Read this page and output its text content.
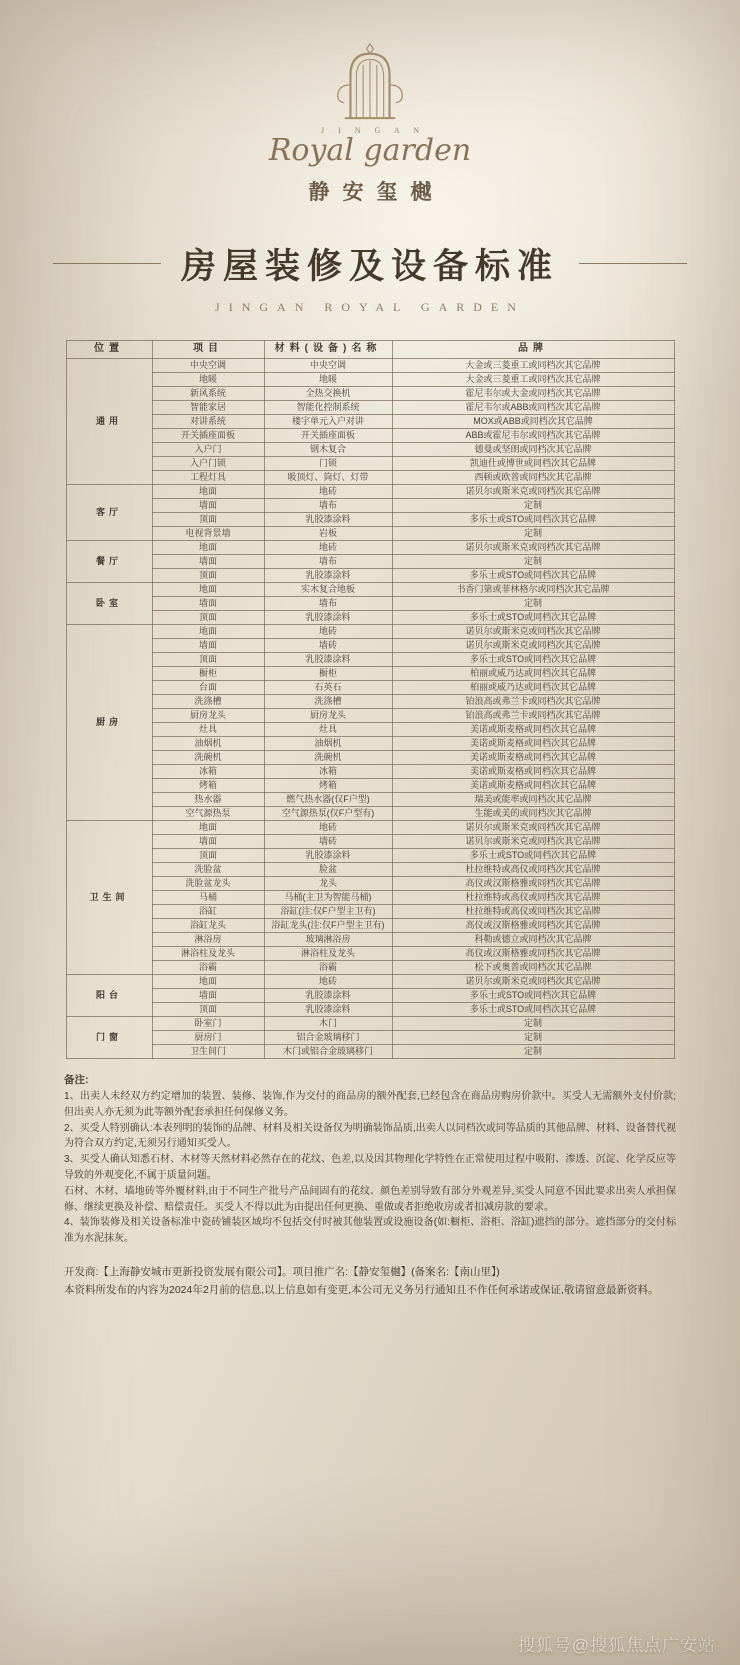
J I N G A N
Royal garden
静安玺樾
房屋装修及设备标准
JINGAN ROYAL GARDEN
位置	项目	材料(设备)名称	品牌
通用	中央空调	中央空调	大金或三菱重工或同档次其它品牌
	地暖	地暖	大金或三菱重工或同档次其它品牌
	新风系统	全热交换机	霍尼韦尔或大金或同档次其它品牌
	智能家居	智能化控制系统	霍尼韦尔或ABB或同档次其它品牌
	对讲系统	楼宇单元入户对讲	MOX或ABB或同档次其它品牌
	开关插座面板	开关插座面板	ABB或霍尼韦尔或同档次其它品牌
	入户门	钢木复合	德曼或坚朗或同档次其它品牌
	入户门锁	门锁	凯迪仕或博世或同档次其它品牌
	工程灯具	吸顶灯、筒灯、灯带	西顿或欧普或同档次其它品牌
客厅	地面	地砖	诺贝尔或斯米克或同档次其它品牌
	墙面	墙布	定制
	顶面	乳胶漆涂料	多乐士或STO或同档次其它品牌
	电视背景墙	岩板	定制
餐厅	地面	地砖	诺贝尔或斯米克或同档次其它品牌
	墙面	墙布	定制
	顶面	乳胶漆涂料	多乐士或STO或同档次其它品牌
卧室	地面	实木复合地板	书香门第或菲林格尔或同档次其它品牌
	墙面	墙布	定制
	顶面	乳胶漆涂料	多乐士或STO或同档次其它品牌
厨房	地面	地砖	诺贝尔或斯米克或同档次其它品牌
	墙面	墙砖	诺贝尔或斯米克或同档次其它品牌
	顶面	乳胶漆涂料	多乐士或STO或同档次其它品牌
	橱柜	橱柜	柏丽或威乃达或同档次其它品牌
	台面	石英石	柏丽或威乃达或同档次其它品牌
	洗涤槽	洗涤槽	铂浪高或弗兰卡或同档次其它品牌
	厨房龙头	厨房龙头	铂浪高或弗兰卡或同档次其它品牌
	灶具	灶具	美诺或斯麦格或同档次其它品牌
	油烟机	油烟机	美诺或斯麦格或同档次其它品牌
	洗碗机	洗碗机	美诺或斯麦格或同档次其它品牌
	冰箱	冰箱	美诺或斯麦格或同档次其它品牌
	烤箱	烤箱	美诺或斯麦格或同档次其它品牌
	热水器	燃气热水器(仅F户型)	瑞美或能率或同档次其它品牌
	空气源热泵	空气源热泵(仅F户型有)	生能或美的或同档次其它品牌
卫生间	地面	地砖	诺贝尔或斯米克或同档次其它品牌
	墙面	墙砖	诺贝尔或斯米克或同档次其它品牌
	顶面	乳胶漆涂料	多乐士或STO或同档次其它品牌
	洗脸盆	脸盆	杜拉维特或高仪或同档次其它品牌
	洗脸盆龙头	龙头	高仪或汉斯格雅或同档次其它品牌
	马桶	马桶(主卫为智能马桶)	杜拉维特或高仪或同档次其它品牌
	浴缸	浴缸(注:仅F户型主卫有)	杜拉维特或高仪或同档次其它品牌
	浴缸龙头	浴缸龙头(注:仅F户型主卫有)	高仪或汉斯格雅或同档次其它品牌
	淋浴房	玻璃淋浴房	科勒或德立或同档次其它品牌
	淋浴柱及龙头	淋浴柱及龙头	高仪或汉斯格雅或同档次其它品牌
	浴霸	浴霸	松下或奥普或同档次其它品牌
阳台	地面	地砖	诺贝尔或斯米克或同档次其它品牌
	墙面	乳胶漆涂料	多乐士或STO或同档次其它品牌
	顶面	乳胶漆涂料	多乐士或STO或同档次其它品牌
门窗	卧室门	木门	定制
	厨房门	铝合金玻璃移门	定制
	卫生间门	木门或铝合金玻璃移门	定制
备注:

1、出卖人未经双方约定增加的装置、装修、装饰,作为交付的商品房的额外配套,已经包含在商品房购房价款中。买受人无需额外支付价款;但出卖人亦无须为此等额外配套承担任何保修义务。

2、买受人特别确认:本表列明的装饰的品牌、材料及相关设备仅为明确装饰品质,出卖人以同档次或同等品质的其他品牌、材料、设备替代视为符合双方约定,无须另行通知买受人。

3、买受人确认知悉石材、木材等天然材料必然存在的花纹、色差,以及因其物理化学特性在正常使用过程中吸附、渗透、沉淀、化学反应等导致的外观变化,不属于质量问题。

石材、木材、墙地砖等外覆材料,由于不同生产批号产品间固有的花纹、颜色差别导致有部分外观差异,买受人同意不因此要求出卖人承担保修、继续更换及补偿、赔偿责任。买受人不得以此为由提出任何更换、重做或者拒绝收房或者扣减房款的要求。

4、装饰装修及相关设备标准中瓷砖铺装区域均不包括交付时被其他装置或设施设备(如:橱柜、浴柜、浴缸)遮挡的部分。遮挡部分的交付标准为水泥抹灰。

开发商:【上海静安城市更新投资发展有限公司】。项目推广名:【静安玺樾】(备案名:【南山里】)

本资料所发布的内容为2024年2月前的信息,以上信息如有变更,本公司无义务另行通知且不作任何承诺或保证,敬请留意最新资料。

搜狐号@搜狐焦点广安站
